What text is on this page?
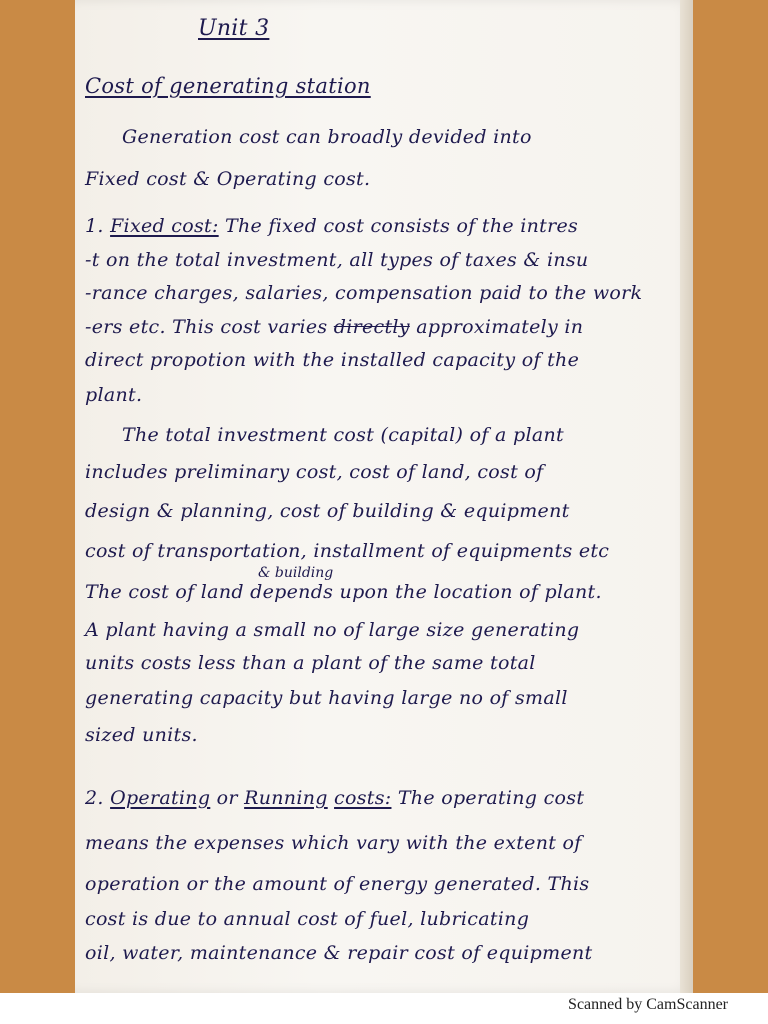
Unit 3

Cost of generating station

Generation cost can broadly devided into

Fixed cost & Operating cost.

1. Fixed cost: The fixed cost consists of the intres

-t on the total investment, all types of taxes & insu

-rance charges, salaries, compensation paid to the work

-ers etc. This cost varies directly approximately in

direct propotion with the installed capacity of the

plant.

The total investment cost (capital) of a plant

includes preliminary cost, cost of land, cost of

design & planning, cost of building & equipment

cost of transportation, installment of equipments etc

& building

The cost of land depends upon the location of plant.

A plant having a small no of large size generating

units costs less than a plant of the same total

generating capacity but having large no of small

sized units.

2. Operating or Running costs: The operating cost

means the expenses which vary with the extent of

operation or the amount of energy generated. This

cost is due to annual cost of fuel, lubricating

oil, water, maintenance & repair cost of equipment

Scanned by CamScanner
